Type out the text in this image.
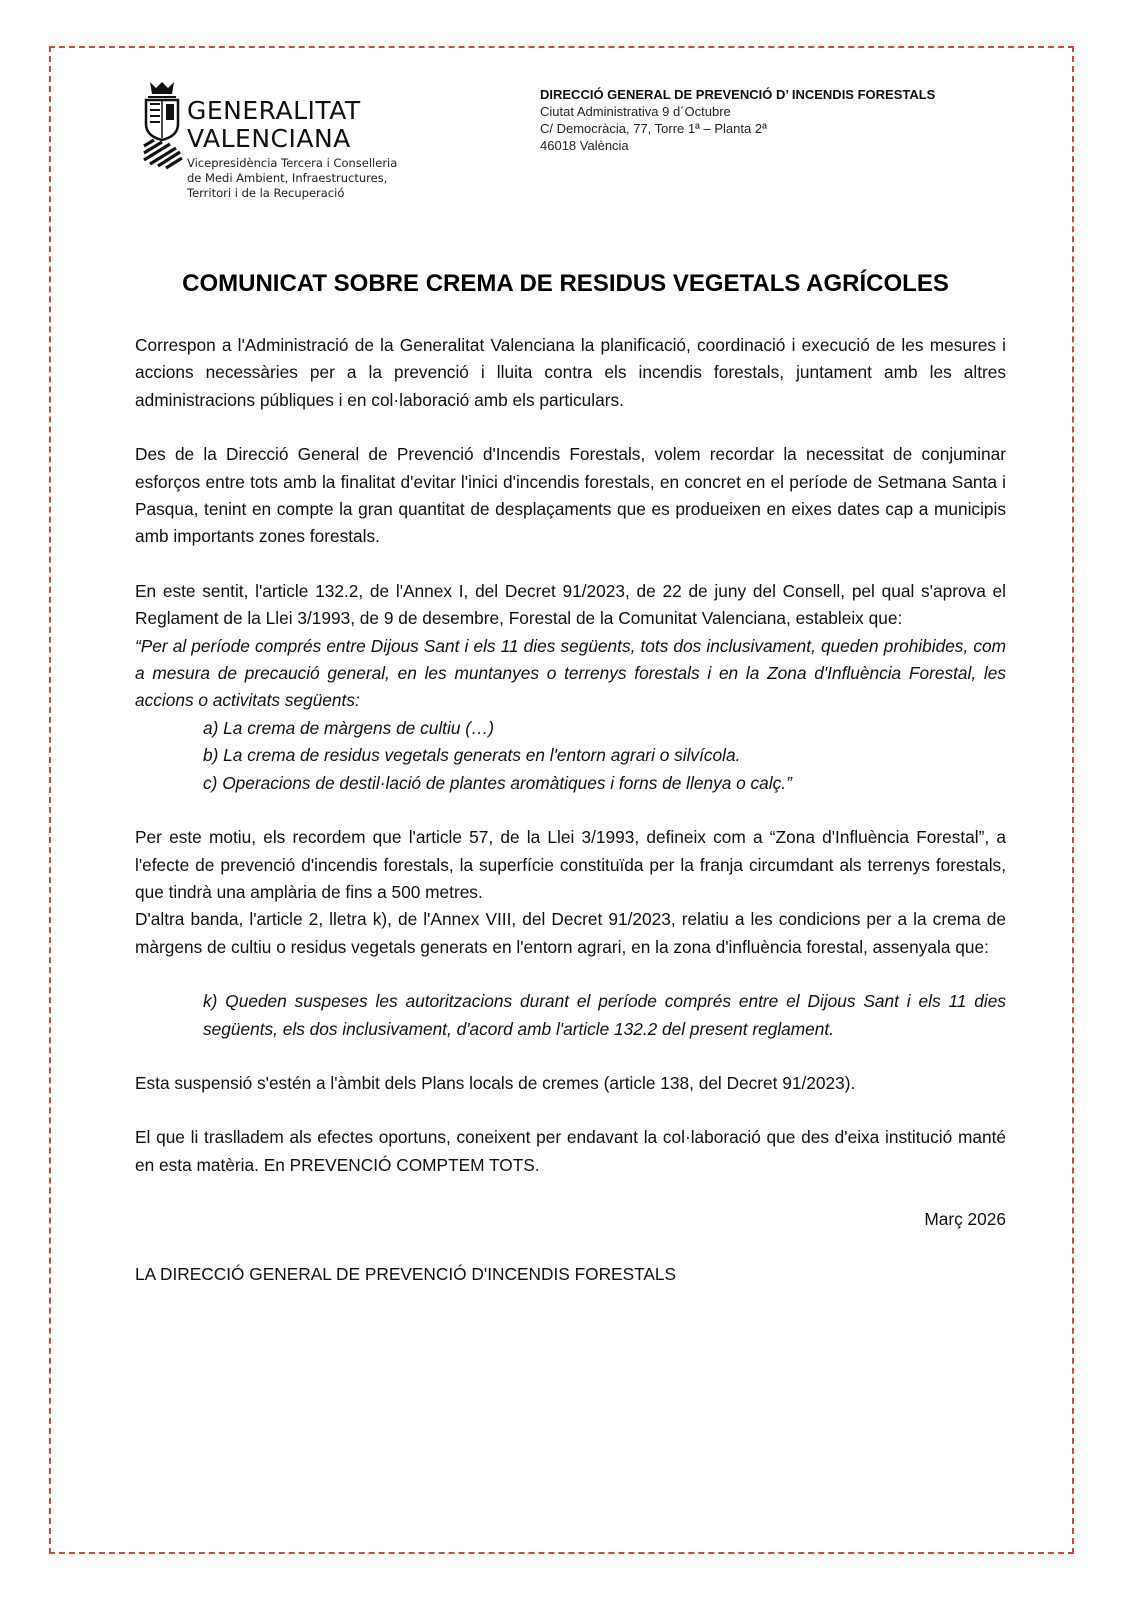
GENERALITAT
VALENCIANA
Vicepresidència Tercera i Conselleria
de Medi Ambient, Infraestructures,
Territori i de la Recuperació
DIRECCIÓ GENERAL DE PREVENCIÓ D’ INCENDIS FORESTALS
Ciutat Administrativa 9 d´Octubre
C/ Democràcia, 77, Torre 1ª – Planta 2ª
46018 València
COMUNICAT SOBRE CREMA DE RESIDUS VEGETALS AGRÍCOLES

Correspon a l'Administració de la Generalitat Valenciana la planificació, coordinació i execució de les mesures i accions necessàries per a la prevenció i lluita contra els incendis forestals, juntament amb les altres administracions públiques i en col·laboració amb els particulars.

Des de la Direcció General de Prevenció d'Incendis Forestals, volem recordar la necessitat de conjuminar esforços entre tots amb la finalitat d'evitar l'inici d'incendis forestals, en concret en el període de Setmana Santa i Pasqua, tenint en compte la gran quantitat de desplaçaments que es produeixen en eixes dates cap a municipis amb importants zones forestals.

En este sentit, l'article 132.2, de l'Annex I, del Decret 91/2023, de 22 de juny del Consell, pel qual s'aprova el Reglament de la Llei 3/1993, de 9 de desembre, Forestal de la Comunitat Valenciana, estableix que:

“Per al període comprés entre Dijous Sant i els 11 dies següents, tots dos inclusivament, queden prohibides, com a mesura de precaució general, en les muntanyes o terrenys forestals i en la Zona d'Influència Forestal, les accions o activitats següents:

a) La crema de màrgens de cultiu (…)

b) La crema de residus vegetals generats en l'entorn agrari o silvícola.

c) Operacions de destil·lació de plantes aromàtiques i forns de llenya o calç.”

Per este motiu, els recordem que l'article 57, de la Llei 3/1993, defineix com a “Zona d'Influència Forestal”, a l'efecte de prevenció d'incendis forestals, la superfície constituïda per la franja circumdant als terrenys forestals, que tindrà una amplària de fins a 500 metres.

D'altra banda, l'article 2, lletra k), de l'Annex VIII, del Decret 91/2023, relatiu a les condicions per a la crema de màrgens de cultiu o residus vegetals generats en l'entorn agrari, en la zona d'influència forestal, assenyala que:

k) Queden suspeses les autoritzacions durant el període comprés entre el Dijous Sant i els 11 dies següents, els dos inclusivament, d'acord amb l'article 132.2 del present reglament.

Esta suspensió s'estén a l'àmbit dels Plans locals de cremes (article 138, del Decret 91/2023).

El que li traslladem als efectes oportuns, coneixent per endavant la col·laboració que des d'eixa institució manté en esta matèria. En PREVENCIÓ COMPTEM TOTS.

Març 2026

LA DIRECCIÓ GENERAL DE PREVENCIÓ D'INCENDIS FORESTALS
